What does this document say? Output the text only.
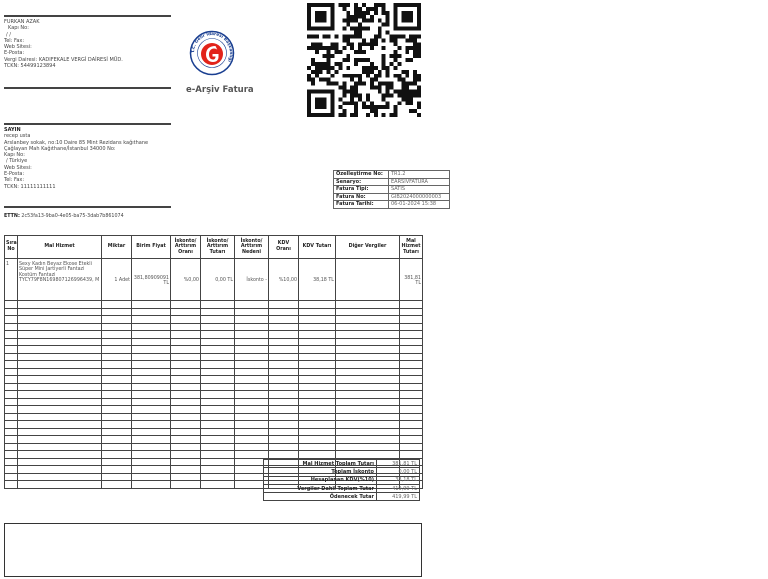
FURKAN AZAK
Kapı No:
/ /
Tel: Fax:
Web Sitesi:
E-Posta:
Vergi Dairesi: KADIFEKALE VERGİ DAİRESİ MÜD.
TCKN: 54499123894
T.C. Gelir İdaresi Başkanlığı
e-Arşiv Fatura
SAYIN
recep usta
Arslanbey sokak, no:10 Daire 85 Mint Rezidans kağıthane
Çağlayan Mah Kağıthane/İstanbul 34000 No:
Kapı No:
/ Türkiye
Web Sitesi:
E-Posta:
Tel: Fax:
TCKN: 11111111111
Özelleştirme No:	TR1.2
Senaryo:	EARSIVFATURA
Fatura Tipi:	SATIS
Fatura No:	GIB2024000000003
Fatura Tarihi:	06-01-2024 15:38
ETTN: 2c53fa13-9ba0-4e05-ba75-3dab7b861074
Sıra No	Mal Hizmet	Miktar	Birim Fiyat	İskonto/ Arttırım Oranı	İskonto/ Arttırım Tutarı	İskonto/ Arttırım Nedeni	KDV Oranı	KDV Tutarı	Diğer Vergiler	Mal Hizmet Tutarı
1	Sexy Kadın Beyaz Ekose Etekli Süper Mini Jartiyerli Fantazi Kostüm Fantazi TYCY79F8N169807126996439, M	1 Adet	381,80909091 TL	%0,00	0,00 TL	İskonto -	%10,00	38,18 TL		381,81 TL

Mal Hizmet Toplam Tutarı	381,81 TL
Toplam İskonto	0,00 TL
Hesaplanan KDV(%10)	38,18 TL
Vergiler Dahil Toplam Tutar	419,99 TL
Ödenecek Tutar	419,99 TL
